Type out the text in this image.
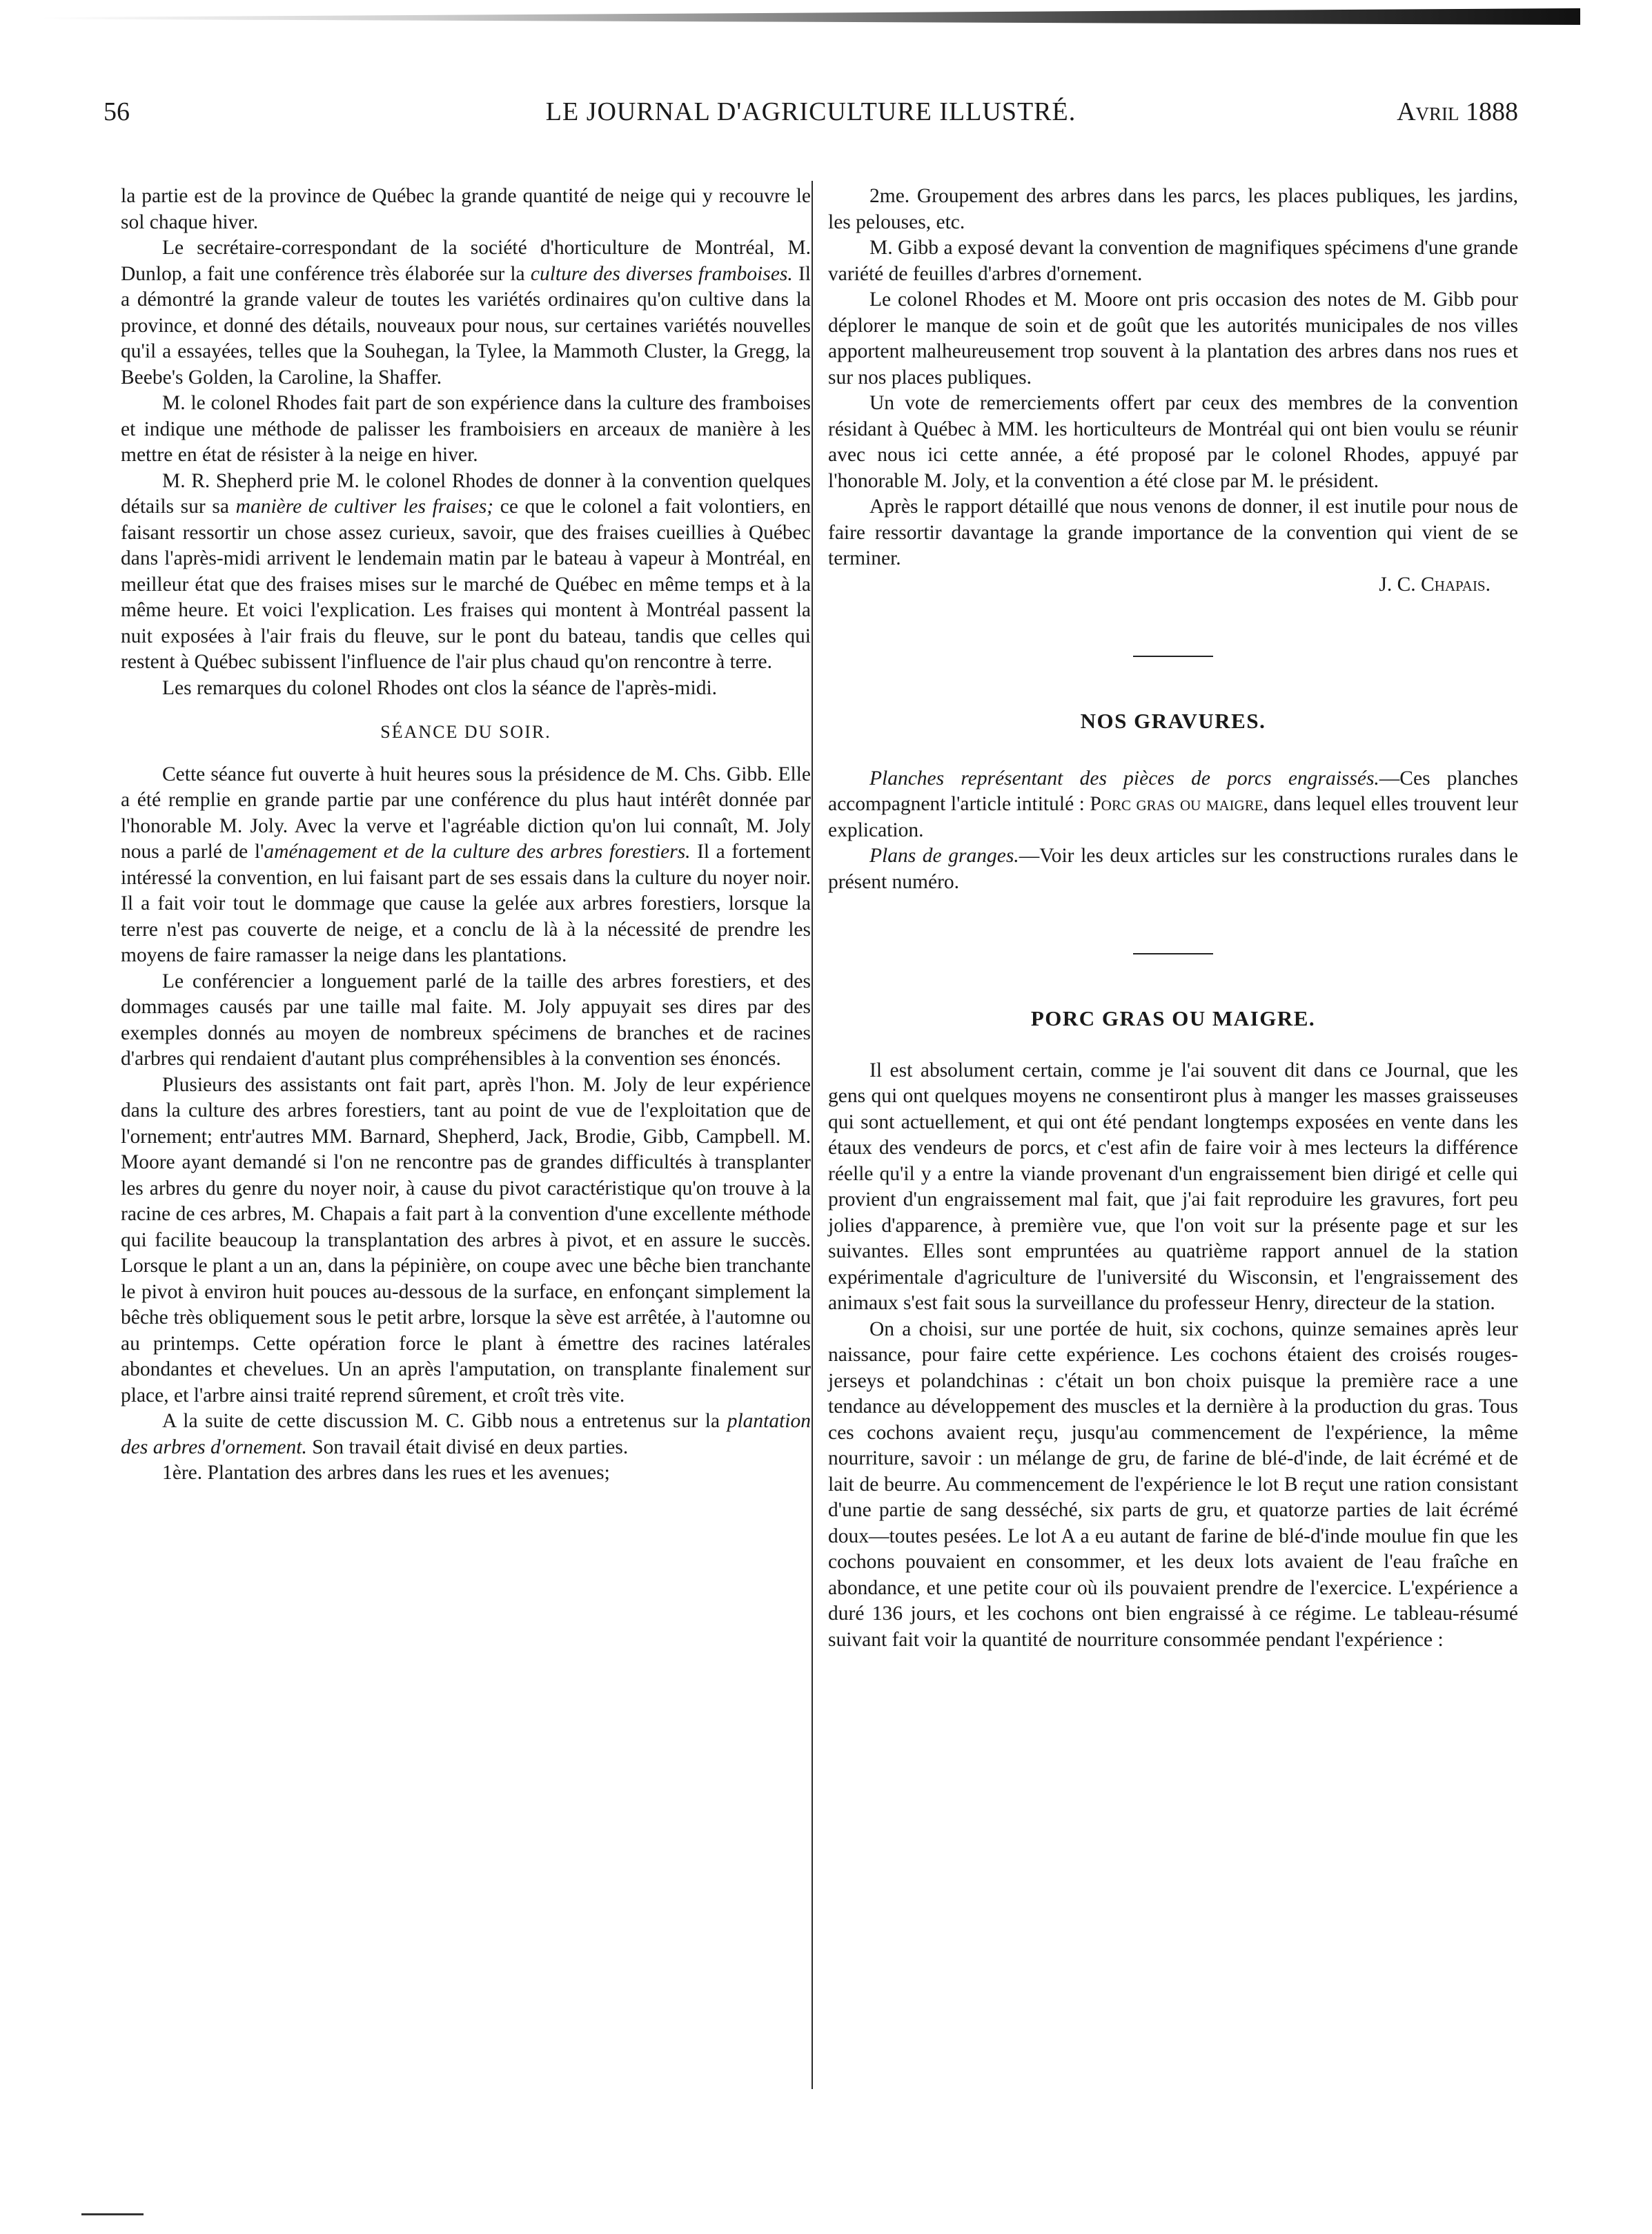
56	LE JOURNAL D'AGRICULTURE ILLUSTRÉ.	Avril 1888

la partie est de la province de Québec la grande quantité de neige qui y recouvre le sol chaque hiver.

Le secrétaire-correspondant de la société d'horticulture de Montréal, M. Dunlop, a fait une conférence très élaborée sur la culture des diverses framboises. Il a démontré la grande valeur de toutes les variétés ordinaires qu'on cultive dans la province, et donné des détails, nouveaux pour nous, sur certaines variétés nouvelles qu'il a essayées, telles que la Souhegan, la Tylee, la Mammoth Cluster, la Gregg, la Beebe's Golden, la Caroline, la Shaffer.

M. le colonel Rhodes fait part de son expérience dans la culture des framboises et indique une méthode de palisser les framboisiers en arceaux de manière à les mettre en état de résister à la neige en hiver.

M. R. Shepherd prie M. le colonel Rhodes de donner à la convention quelques détails sur sa manière de cultiver les fraises; ce que le colonel a fait volontiers, en faisant ressortir un chose assez curieux, savoir, que des fraises cueillies à Québec dans l'après-midi arrivent le lendemain matin par le bateau à vapeur à Montréal, en meilleur état que des fraises mises sur le marché de Québec en même temps et à la même heure. Et voici l'explication. Les fraises qui montent à Montréal passent la nuit exposées à l'air frais du fleuve, sur le pont du bateau, tandis que celles qui restent à Québec subissent l'influence de l'air plus chaud qu'on rencontre à terre.

Les remarques du colonel Rhodes ont clos la séance de l'après-midi.

SÉANCE DU SOIR.

Cette séance fut ouverte à huit heures sous la présidence de M. Chs. Gibb. Elle a été remplie en grande partie par une conférence du plus haut intérêt donnée par l'honorable M. Joly. Avec la verve et l'agréable diction qu'on lui connaît, M. Joly nous a parlé de l'aménagement et de la culture des arbres forestiers. Il a fortement intéressé la convention, en lui faisant part de ses essais dans la culture du noyer noir. Il a fait voir tout le dommage que cause la gelée aux arbres forestiers, lorsque la terre n'est pas couverte de neige, et a conclu de là à la nécessité de prendre les moyens de faire ramasser la neige dans les plantations.

Le conférencier a longuement parlé de la taille des arbres forestiers, et des dommages causés par une taille mal faite. M. Joly appuyait ses dires par des exemples donnés au moyen de nombreux spécimens de branches et de racines d'arbres qui rendaient d'autant plus compréhensibles à la convention ses énoncés.

Plusieurs des assistants ont fait part, après l'hon. M. Joly de leur expérience dans la culture des arbres forestiers, tant au point de vue de l'exploitation que de l'ornement; entr'autres MM. Barnard, Shepherd, Jack, Brodie, Gibb, Campbell. M. Moore ayant demandé si l'on ne rencontre pas de grandes difficultés à transplanter les arbres du genre du noyer noir, à cause du pivot caractéristique qu'on trouve à la racine de ces arbres, M. Chapais a fait part à la convention d'une excellente méthode qui facilite beaucoup la transplantation des arbres à pivot, et en assure le succès. Lorsque le plant a un an, dans la pépinière, on coupe avec une bêche bien tranchante le pivot à environ huit pouces au-dessous de la surface, en enfonçant simplement la bêche très obliquement sous le petit arbre, lorsque la sève est arrêtée, à l'automne ou au printemps. Cette opération force le plant à émettre des racines latérales abondantes et chevelues. Un an après l'amputation, on transplante finalement sur place, et l'arbre ainsi traité reprend sûrement, et croît très vite.

A la suite de cette discussion M. C. Gibb nous a entretenus sur la plantation des arbres d'ornement. Son travail était divisé en deux parties.

1ère. Plantation des arbres dans les rues et les avenues;

2me. Groupement des arbres dans les parcs, les places publiques, les jardins, les pelouses, etc.

M. Gibb a exposé devant la convention de magnifiques spécimens d'une grande variété de feuilles d'arbres d'ornement.

Le colonel Rhodes et M. Moore ont pris occasion des notes de M. Gibb pour déplorer le manque de soin et de goût que les autorités municipales de nos villes apportent malheureusement trop souvent à la plantation des arbres dans nos rues et sur nos places publiques.

Un vote de remerciements offert par ceux des membres de la convention résidant à Québec à MM. les horticulteurs de Montréal qui ont bien voulu se réunir avec nous ici cette année, a été proposé par le colonel Rhodes, appuyé par l'honorable M. Joly, et la convention a été close par M. le président.

Après le rapport détaillé que nous venons de donner, il est inutile pour nous de faire ressortir davantage la grande importance de la convention qui vient de se terminer.

J. C. Chapais.

NOS GRAVURES.

Planches représentant des pièces de porcs engraissés.—Ces planches accompagnent l'article intitulé : Porc gras ou maigre, dans lequel elles trouvent leur explication.

Plans de granges.—Voir les deux articles sur les constructions rurales dans le présent numéro.

PORC GRAS OU MAIGRE.

Il est absolument certain, comme je l'ai souvent dit dans ce Journal, que les gens qui ont quelques moyens ne consentiront plus à manger les masses graisseuses qui sont actuellement, et qui ont été pendant longtemps exposées en vente dans les étaux des vendeurs de porcs, et c'est afin de faire voir à mes lecteurs la différence réelle qu'il y a entre la viande provenant d'un engraissement bien dirigé et celle qui provient d'un engraissement mal fait, que j'ai fait reproduire les gravures, fort peu jolies d'apparence, à première vue, que l'on voit sur la présente page et sur les suivantes. Elles sont empruntées au quatrième rapport annuel de la station expérimentale d'agriculture de l'université du Wisconsin, et l'engraissement des animaux s'est fait sous la surveillance du professeur Henry, directeur de la station.

On a choisi, sur une portée de huit, six cochons, quinze semaines après leur naissance, pour faire cette expérience. Les cochons étaient des croisés rouges-jerseys et polandchinas : c'était un bon choix puisque la première race a une tendance au développement des muscles et la dernière à la production du gras. Tous ces cochons avaient reçu, jusqu'au commencement de l'expérience, la même nourriture, savoir : un mélange de gru, de farine de blé-d'inde, de lait écrémé et de lait de beurre. Au commencement de l'expérience le lot B reçut une ration consistant d'une partie de sang desséché, six parts de gru, et quatorze parties de lait écrémé doux—toutes pesées. Le lot A a eu autant de farine de blé-d'inde moulue fin que les cochons pouvaient en consommer, et les deux lots avaient de l'eau fraîche en abondance, et une petite cour où ils pouvaient prendre de l'exercice. L'expérience a duré 136 jours, et les cochons ont bien engraissé à ce régime. Le tableau-résumé suivant fait voir la quantité de nourriture consommée pendant l'expérience :
